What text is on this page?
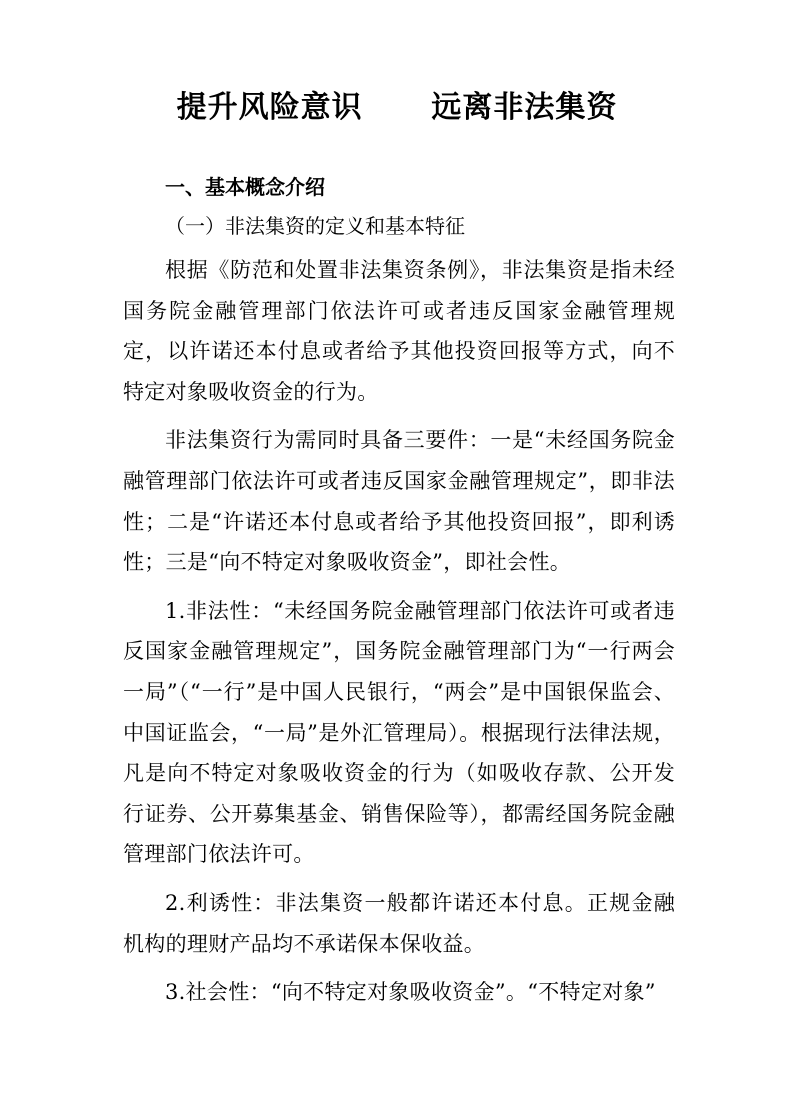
提升风险意识      远离非法集资
一、基本概念介绍
（一）非法集资的定义和基本特征

根据《防范和处置非法集资条例》，非法集资是指未经国务院金融管理部门依法许可或者违反国家金融管理规定，以许诺还本付息或者给予其他投资回报等方式，向不特定对象吸收资金的行为。

非法集资行为需同时具备三要件：一是“未经国务院金融管理部门依法许可或者违反国家金融管理规定”，即非法性；二是“许诺还本付息或者给予其他投资回报”，即利诱性；三是“向不特定对象吸收资金”，即社会性。

1.非法性：“未经国务院金融管理部门依法许可或者违反国家金融管理规定”，国务院金融管理部门为“一行两会一局”（“一行”是中国人民银行，“两会”是中国银保监会、中国证监会，“一局”是外汇管理局）。根据现行法律法规，凡是向不特定对象吸收资金的行为（如吸收存款、公开发行证券、公开募集基金、销售保险等），都需经国务院金融管理部门依法许可。

2.利诱性：非法集资一般都许诺还本付息。正规金融机构的理财产品均不承诺保本保收益。

3.社会性：“向不特定对象吸收资金”。“不特定对象”
